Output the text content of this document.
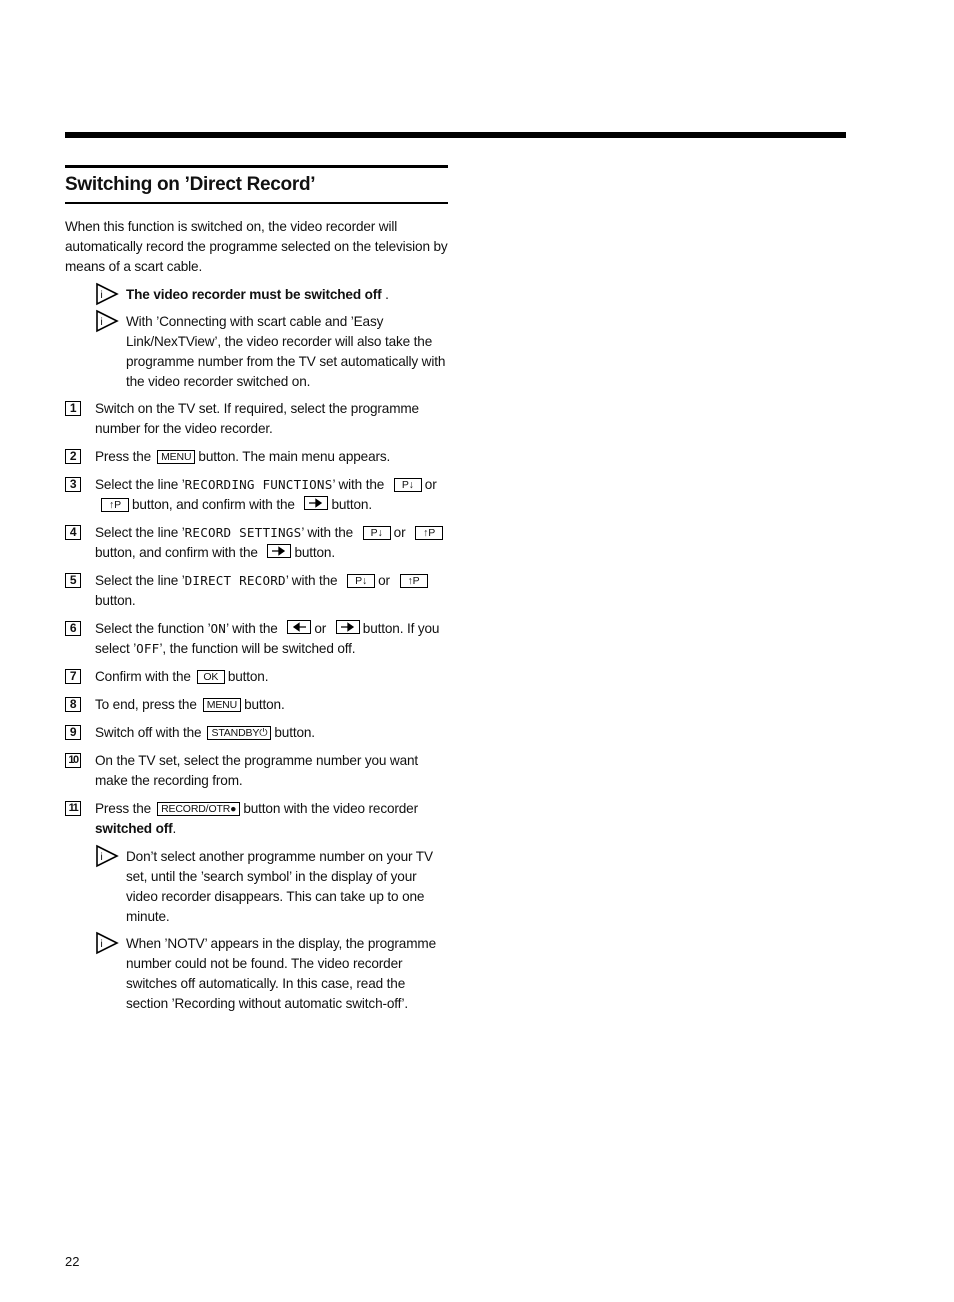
Switching on ’Direct Record’

When this function is switched on, the video recorder will automatically record the programme selected on the television by means of a scart cable.

i The video recorder must be switched off .
i With ’Connecting with scart cable and ’Easy Link/NexTView’, the video recorder will also take the programme number from the TV set automatically with the video recorder switched on.
1	Switch on the TV set. If required, select the programme number for the video recorder.
2	Press the MENU button. The main menu appears.
3	Select the line ’RECORDING FUNCTIONS’ with the P↓ or ↑P button, and confirm with the	button.
4	Select the line ’RECORD SETTINGS’ with the P↓ or ↑Pbutton, and confirm with the	button.
5	Select the line ’DIRECT RECORD’ with the P↓ or ↑Pbutton.
6	Select the function ’ON’ with the	or	button. If you select ’OFF’, the function will be switched off.
7	Confirm with the OK button.
8	To end, press the MENU button.
9	Switch off with the STANDBY⏻ button.
10 On the TV set, select the programme number you want make the recording from.
11 Press the RECORD/OTR● button with the video recorder switched off.
i Don’t select another programme number on your TV set, until the ’search symbol’ in the display of your video recorder disappears. This can take up to one minute.
i When ’NOTV’ appears in the display, the programme number could not be found. The video recorder switches off automatically. In this case, read the section ’Recording without automatic switch-off’.
22
